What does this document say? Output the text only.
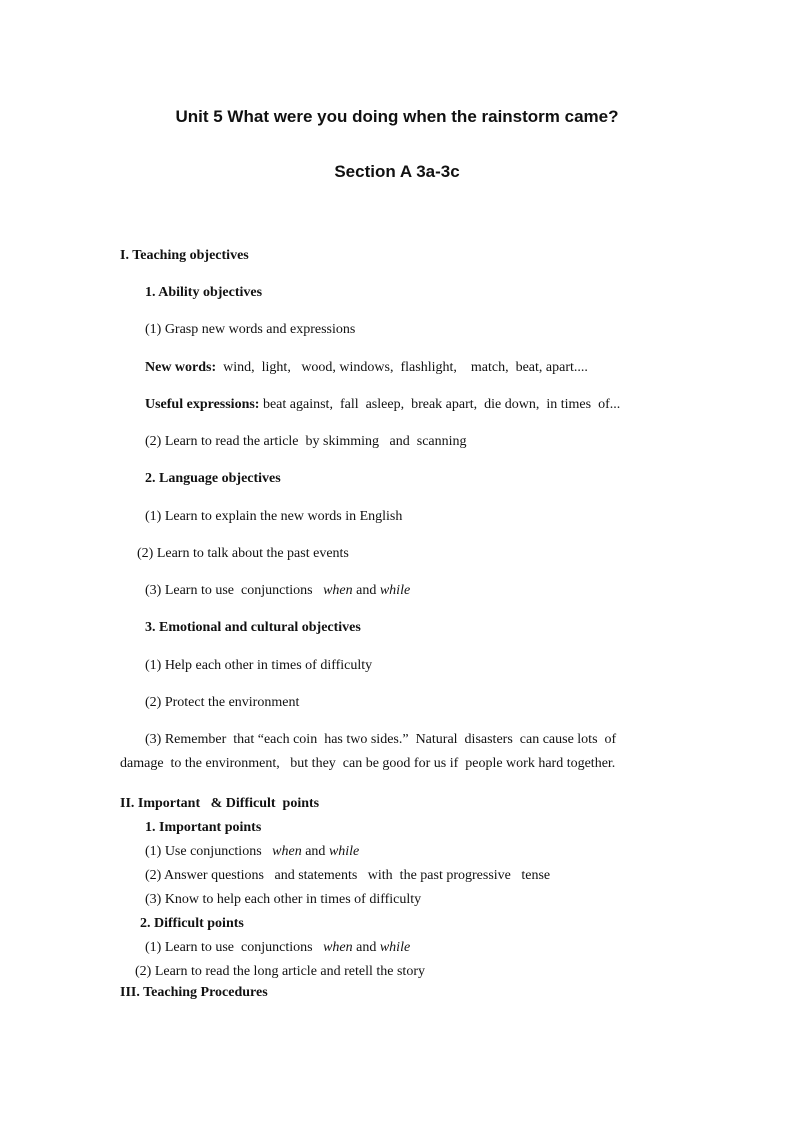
Unit 5 What were you doing when the rainstorm came?
Section A 3a-3c
I. Teaching objectives
1. Ability objectives
(1) Grasp new words and expressions
New words:  wind,  light,   wood, windows,  flashlight,    match,  beat, apart....
Useful expressions: beat against,  fall  asleep,  break apart,  die down,  in times  of...
(2) Learn to read the article  by skimming   and  scanning
2. Language objectives
(1) Learn to explain the new words in English
(2) Learn to talk about the past events
(3) Learn to use  conjunctions   when and while
3. Emotional and cultural objectives
(1) Help each other in times of difficulty
(2) Protect the environment
(3) Remember  that “each coin  has two sides.”  Natural  disasters  can cause lots  of
damage  to the environment,   but they  can be good for us if  people work hard together.
II. Important   & Difficult  points
1. Important points
(1) Use conjunctions   when and while
(2) Answer questions   and statements   with  the past progressive   tense
(3) Know to help each other in times of difficulty
2. Difficult points
(1) Learn to use  conjunctions   when and while
(2) Learn to read the long article and retell the story
III. Teaching Procedures
